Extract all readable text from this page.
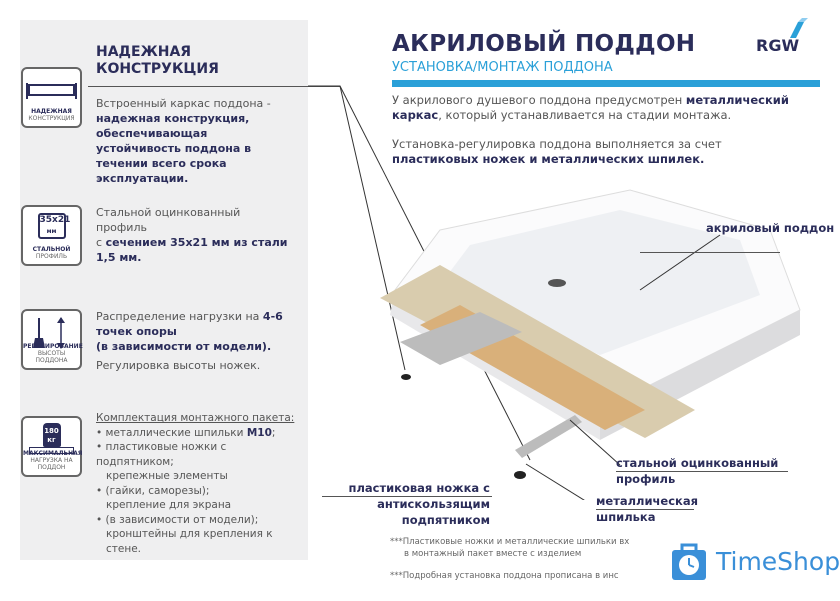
НАДЕЖНАЯ
КОНСТРУКЦИЯ
НАДЕЖНАЯ
КОНСТРУКЦИЯ
Встроенный каркас поддона - надежная конструкция, обеспечивающая устойчивость поддона в течении всего срока эксплуатации.
35x21
мм
СТАЛЬНОЙ
ПРОФИЛЬ
Стальной оцинкованный профиль
с сечением 35x21 мм из стали 1,5 мм.
РЕГУЛИРОВАНИЕ
ВЫСОТЫ ПОДДОНА
Распределение нагрузки на 4-6 точек опоры
(в зависимости от модели).
Регулировка высоты ножек.
180
кг
МАКСИМАЛЬНАЯ
НАГРУЗКА НА ПОДДОН
Комплектация монтажного пакета:
• металлические шпильки M10;
• пластиковые ножки с подпятником;
крепежные элементы
• (гайки, саморезы);
крепление для экрана
• (в зависимости от модели);
кронштейны для крепления к стене.
АКРИЛОВЫЙ ПОДДОН
УСТАНОВКА/МОНТАЖ ПОДДОНА
RGW
У акрилового душевого поддона предусмотрен металлический каркас, который устанавливается на стадии монтажа.
Установка-регулировка поддона выполняется за счет
пластиковых ножек и металлических шпилек.
акриловый поддон
стальной оцинкованный профиль
металлическая шпилька
пластиковая ножка с антискользящим подпятником
***Пластиковые ножки и металлические шпильки вх
в монтажный пакет вместе с изделием
***Подробная установка поддона прописана в инс
TimeShop
